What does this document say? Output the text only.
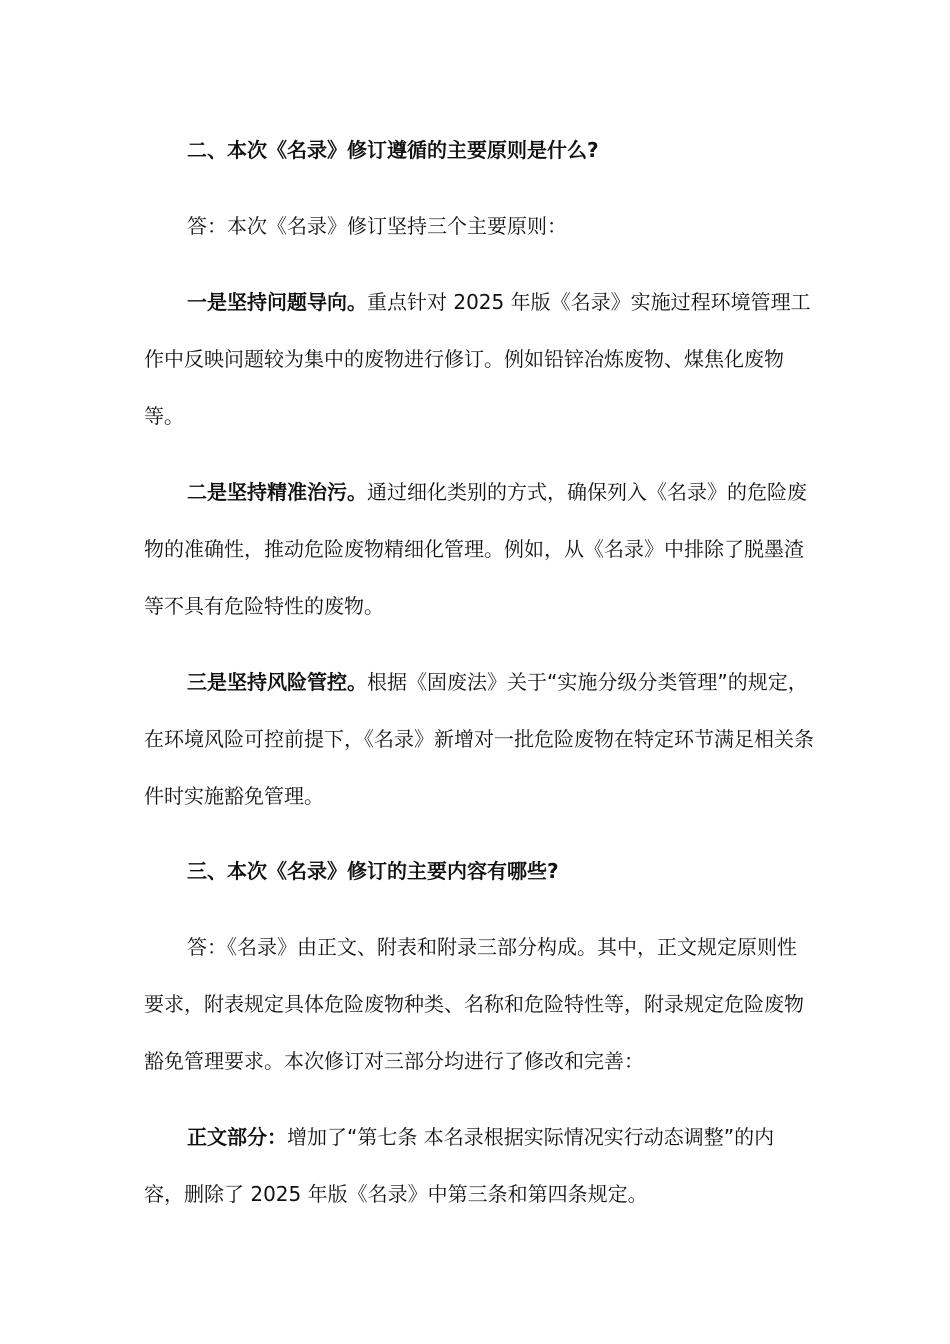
二、本次《名录》修订遵循的主要原则是什么?

答：本次《名录》修订坚持三个主要原则：

一是坚持问题导向。重点针对 2025 年版《名录》实施过程环境管理工作中反映问题较为集中的废物进行修订。例如铅锌冶炼废物、煤焦化废物等。

二是坚持精准治污。通过细化类别的方式，确保列入《名录》的危险废物的准确性，推动危险废物精细化管理。例如，从《名录》中排除了脱墨渣等不具有危险特性的废物。

三是坚持风险管控。根据《固废法》关于“实施分级分类管理”的规定，在环境风险可控前提下，《名录》新增对一批危险废物在特定环节满足相关条件时实施豁免管理。

三、本次《名录》修订的主要内容有哪些?

答：《名录》由正文、附表和附录三部分构成。其中，正文规定原则性要求，附表规定具体危险废物种类、名称和危险特性等，附录规定危险废物豁免管理要求。本次修订对三部分均进行了修改和完善：

正文部分：增加了“第七条 本名录根据实际情况实行动态调整”的内容，删除了 2025 年版《名录》中第三条和第四条规定。
